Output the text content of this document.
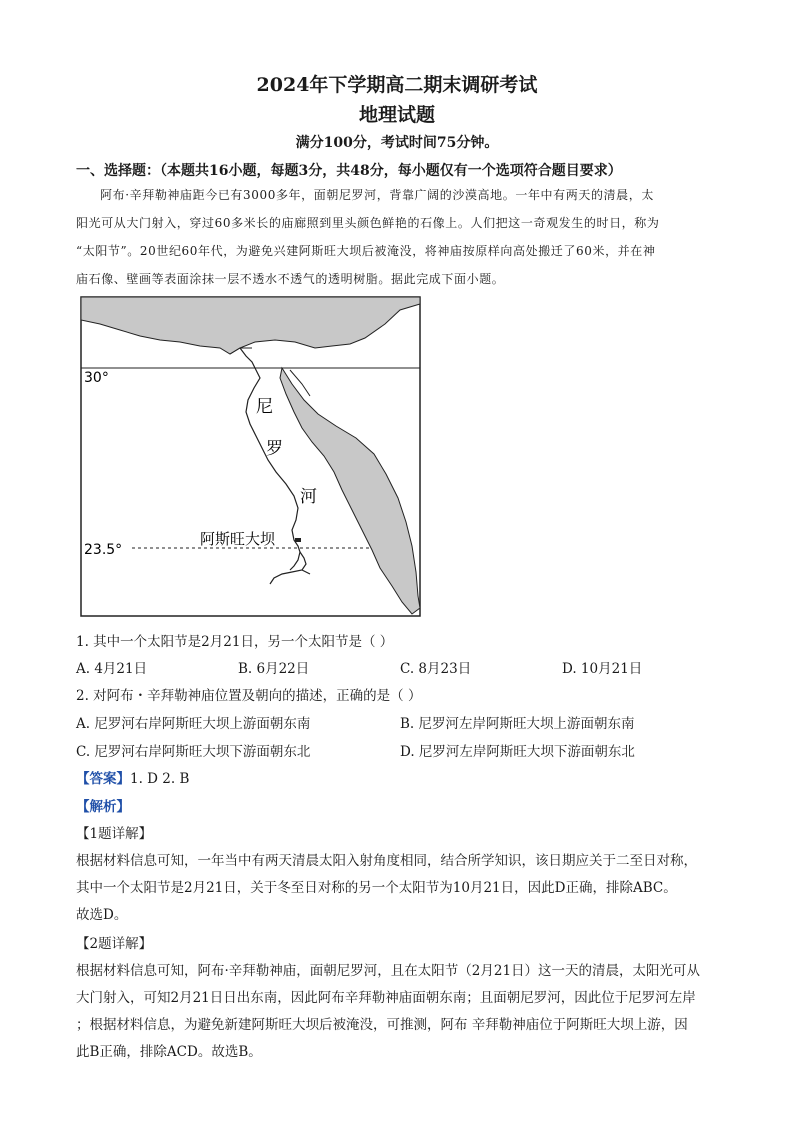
2024年下学期高二期末调研考试
地理试题
满分100分，考试时间75分钟。
一、选择题：（本题共16小题，每题3分，共48分，每小题仅有一个选项符合题目要求）
阿布·辛拜勒神庙距今已有3000多年，面朝尼罗河，背靠广阔的沙漠高地。一年中有两天的清晨，太
阳光可从大门射入，穿过60多米长的庙廊照到里头颜色鲜艳的石像上。人们把这一奇观发生的时日，称为
“太阳节”。20世纪60年代，为避免兴建阿斯旺大坝后被淹没，将神庙按原样向高处搬迁了60米，并在神
庙石像、壁画等表面涂抹一层不透水不透气的透明树脂。据此完成下面小题。
30°
23.5°
尼
罗
河
阿斯旺大坝
1. 其中一个太阳节是2月21日，另一个太阳节是（ ）
A. 4月21日	B. 6月22日	C. 8月23日	D. 10月21日
2. 对阿布・辛拜勒神庙位置及朝向的描述，正确的是（ ）
A. 尼罗河右岸阿斯旺大坝上游面朝东南	B. 尼罗河左岸阿斯旺大坝上游面朝东南
C. 尼罗河右岸阿斯旺大坝下游面朝东北	D. 尼罗河左岸阿斯旺大坝下游面朝东北
【答案】1. D 2. B
【解析】
【1题详解】
根据材料信息可知，一年当中有两天清晨太阳入射角度相同，结合所学知识，该日期应关于二至日对称，
其中一个太阳节是2月21日，关于冬至日对称的另一个太阳节为10月21日，因此D正确，排除ABC。
故选D。
【2题详解】
根据材料信息可知，阿布·辛拜勒神庙，面朝尼罗河，且在太阳节（2月21日）这一天的清晨，太阳光可从
大门射入，可知2月21日日出东南，因此阿布辛拜勒神庙面朝东南；且面朝尼罗河，因此位于尼罗河左岸
；根据材料信息，为避免新建阿斯旺大坝后被淹没，可推测，阿布 辛拜勒神庙位于阿斯旺大坝上游，因
此B正确，排除ACD。故选B。
